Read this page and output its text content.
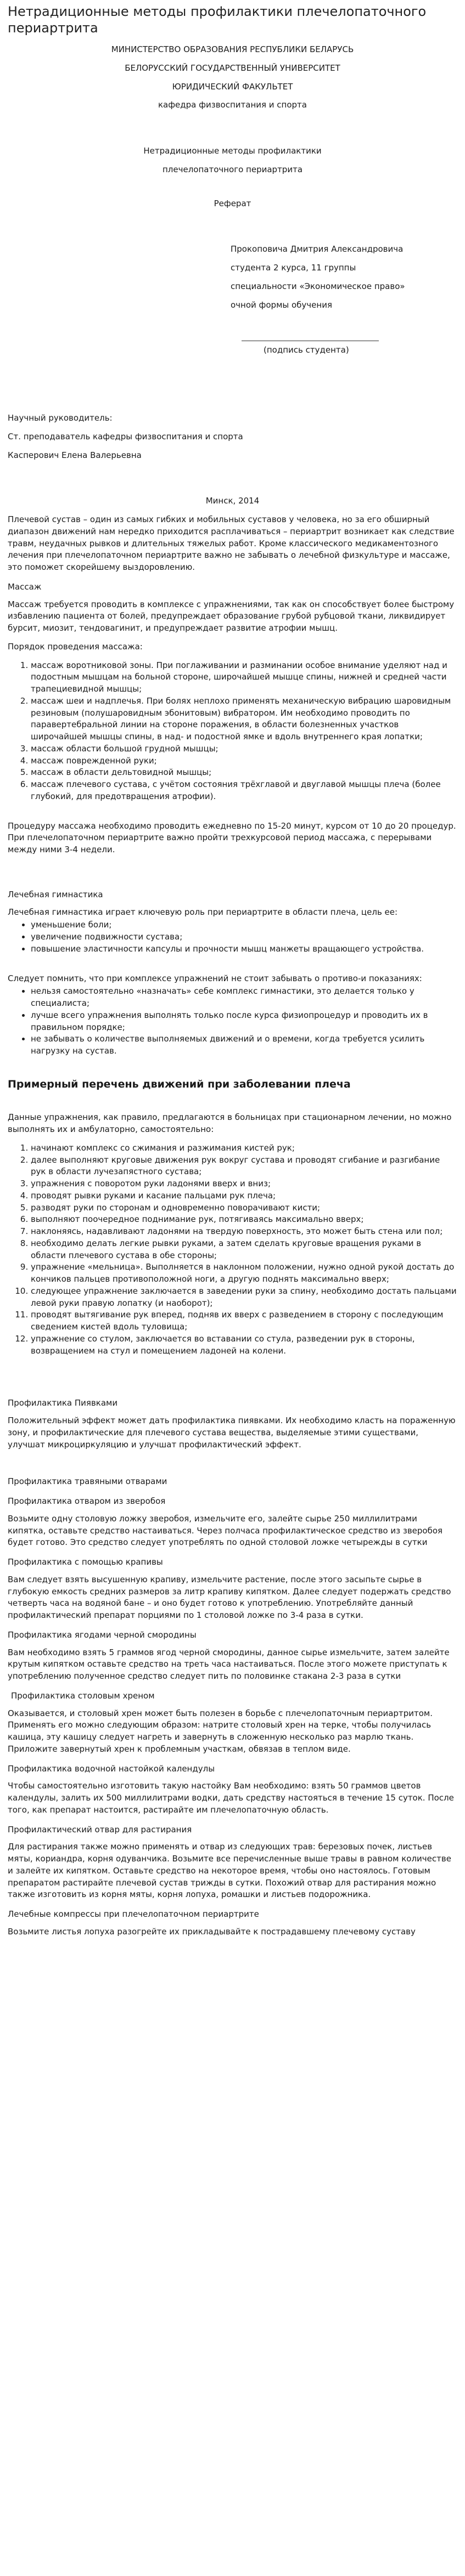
Нетрадиционные методы профилактики плечелопаточного периартрита

МИНИСТЕРСТВО ОБРАЗОВАНИЯ РЕСПУБЛИКИ БЕЛАРУСЬ

БЕЛОРУССКИЙ ГОСУДАРСТВЕННЫЙ УНИВЕРСИТЕТ

ЮРИДИЧЕСКИЙ ФАКУЛЬТЕТ

кафедра физвоспитания и спорта

Нетрадиционные методы профилактики

плечелопаточного периартрита

Реферат

Прокоповича Дмитрия Александровича

студента 2 курса, 11 группы

специальности «Экономическое право»

очной формы обучения

(подпись студента)

Научный руководитель:

Ст. преподаватель кафедры физвоспитания и спорта

Касперович Елена Валерьевна

Минск, 2014

Плечевой сустав – один из самых гибких и мобильных суставов у человека, но за его обширный диапазон движений нам нередко приходится расплачиваться – периартрит возникает как следствие травм, неудачных рывков и длительных тяжелых работ. Кроме классического медикаментозного лечения при плечелопаточном периартрите важно не забывать о лечебной физкультуре и массаже, это поможет скорейшему выздоровлению.

Массаж

Массаж требуется проводить в комплексе с упражнениями, так как он способствует более быстрому избавлению пациента от болей, предупреждает образование грубой рубцовой ткани, ликвидирует бурсит, миозит, тендовагинит, и предупреждает развитие атрофии мышц.

Порядок проведения массажа:

1. массаж воротниковой зоны. При поглаживании и разминании особое внимание уделяют над и подостным мышцам на больной стороне, широчайшей мышце спины, нижней и средней части трапециевидной мышцы;
2. массаж шеи и надплечья. При болях неплохо применять механическую вибрацию шаровидным резиновым (полушаровидным эбонитовым) вибратором. Им необходимо проводить по паравертебральной линии на стороне поражения, в области болезненных участков широчайшей мышцы спины, в над- и подостной ямке и вдоль внутреннего края лопатки;
3. массаж области большой грудной мышцы;
4. массаж поврежденной руки;
5. массаж в области дельтовидной мышцы;
6. массаж плечевого сустава, с учётом состояния трёхглавой и двуглавой мышцы плеча (более глубокий, для предотвращения атрофии).

Процедуру массажа необходимо проводить ежедневно по 15-20 минут, курсом от 10 до 20 процедур. При плечелопаточном периартрите важно пройти трехкурсовой период массажа, с перерывами между ними 3-4 недели.

Лечебная гимнастика

Лечебная гимнастика играет ключевую роль при периартрите в области плеча, цель ее:

• уменьшение боли;
• увеличение подвижности сустава;
• повышение эластичности капсулы и прочности мышц манжеты вращающего устройства.

Следует помнить, что при комплексе упражнений не стоит забывать о противо-и показаниях:

• нельзя самостоятельно «назначать» себе комплекс гимнастики, это делается только у специалиста;
• лучше всего упражнения выполнять только после курса физиопроцедур и проводить их в правильном порядке;
• не забывать о количестве выполняемых движений и о времени, когда требуется усилить нагрузку на сустав.
Примерный перечень движений при заболевании плеча

Данные упражнения, как правило, предлагаются в больницах при стационарном лечении, но можно выполнять их и амбулаторно, самостоятельно:

1. начинают комплекс со сжимания и разжимания кистей рук;
2. далее выполняют круговые движения рук вокруг сустава и проводят сгибание и разгибание рук в области лучезапястного сустава;
3. упражнения с поворотом руки ладонями вверх и вниз;
4. проводят рывки руками и касание пальцами рук плеча;
5. разводят руки по сторонам и одновременно поворачивают кисти;
6. выполняют поочередное поднимание рук, потягиваясь максимально вверх;
7. наклоняясь, надавливают ладонями на твердую поверхность, это может быть стена или пол;
8. необходимо делать легкие рывки руками, а затем сделать круговые вращения руками в области плечевого сустава в обе стороны;
9. упражнение «мельница». Выполняется в наклонном положении, нужно одной рукой достать до кончиков пальцев противоположной ноги, а другую поднять максимально вверх;
10. следующее упражнение заключается в заведении руки за спину, необходимо достать пальцами левой руки правую лопатку (и наоборот);
11. проводят вытягивание рук вперед, подняв их вверх с разведением в сторону с последующим сведением кистей вдоль туловища;
12. упражнение со стулом, заключается во вставании со стула, разведении рук в стороны, возвращением на стул и помещением ладоней на колени.
Профилактика Пиявками

Положительный эффект может дать профилактика пиявками. Их необходимо класть на пораженную зону, и профилактические для плечевого сустава вещества, выделяемые этими существами, улучшат микроциркуляцию и улучшат профилактический эффект.

Профилактика травяными отварами
Профилактика отваром из зверобоя

Возьмите одну столовую ложку зверобоя, измельчите его, залейте сырье 250 миллилитрами кипятка, оставьте средство настаиваться. Через полчаса профилактическое средство из зверобоя будет готово. Это средство следует употреблять по одной столовой ложке четырежды в сутки

Профилактика с помощью крапивы

Вам следует взять высушенную крапиву, измельчите растение, после этого засыпьте сырье в глубокую емкость средних размеров за литр крапиву кипятком. Далее следует подержать средство четверть часа на водяной бане – и оно будет готово к употреблению. Употребляйте данный профилактический препарат порциями по 1 столовой ложке по 3-4 раза в сутки.

Профилактика ягодами черной смородины

Вам необходимо взять 5 граммов ягод черной смородины, данное сырье измельчите, затем залейте крутым кипятком оставьте средство на треть часа настаиваться. После этого можете приступать к употреблению полученное средство следует пить по половинке стакана 2-3 раза в сутки

Профилактика столовым хреном

Оказывается, и столовый хрен может быть полезен в борьбе с плечелопаточным периартритом. Применять его можно следующим образом: натрите столовый хрен на терке, чтобы получилась кашица, эту кашицу следует нагреть и завернуть в сложенную несколько раз марлю ткань. Приложите завернутый хрен к проблемным участкам, обвязав в теплом виде.

Профилактика водочной настойкой календулы

Чтобы самостоятельно изготовить такую настойку Вам необходимо: взять 50 граммов цветов календулы, залить их 500 миллилитрами водки, дать средству настояться в течение 15 суток. После того, как препарат настоится, растирайте им плечелопаточную область.

Профилактический отвар для растирания

Для растирания также можно применять и отвар из следующих трав: березовых почек, листьев мяты, кориандра, корня одуванчика. Возьмите все перечисленные выше травы в равном количестве и залейте их кипятком. Оставьте средство на некоторое время, чтобы оно настоялось. Готовым препаратом растирайте плечевой сустав трижды в сутки. Похожий отвар для растирания можно также изготовить из корня мяты, корня лопуха, ромашки и листьев подорожника.

Лечебные компрессы при плечелопаточном периартрите

Возьмите листья лопуха разогрейте их прикладывайте к пострадавшему плечевому суставу
